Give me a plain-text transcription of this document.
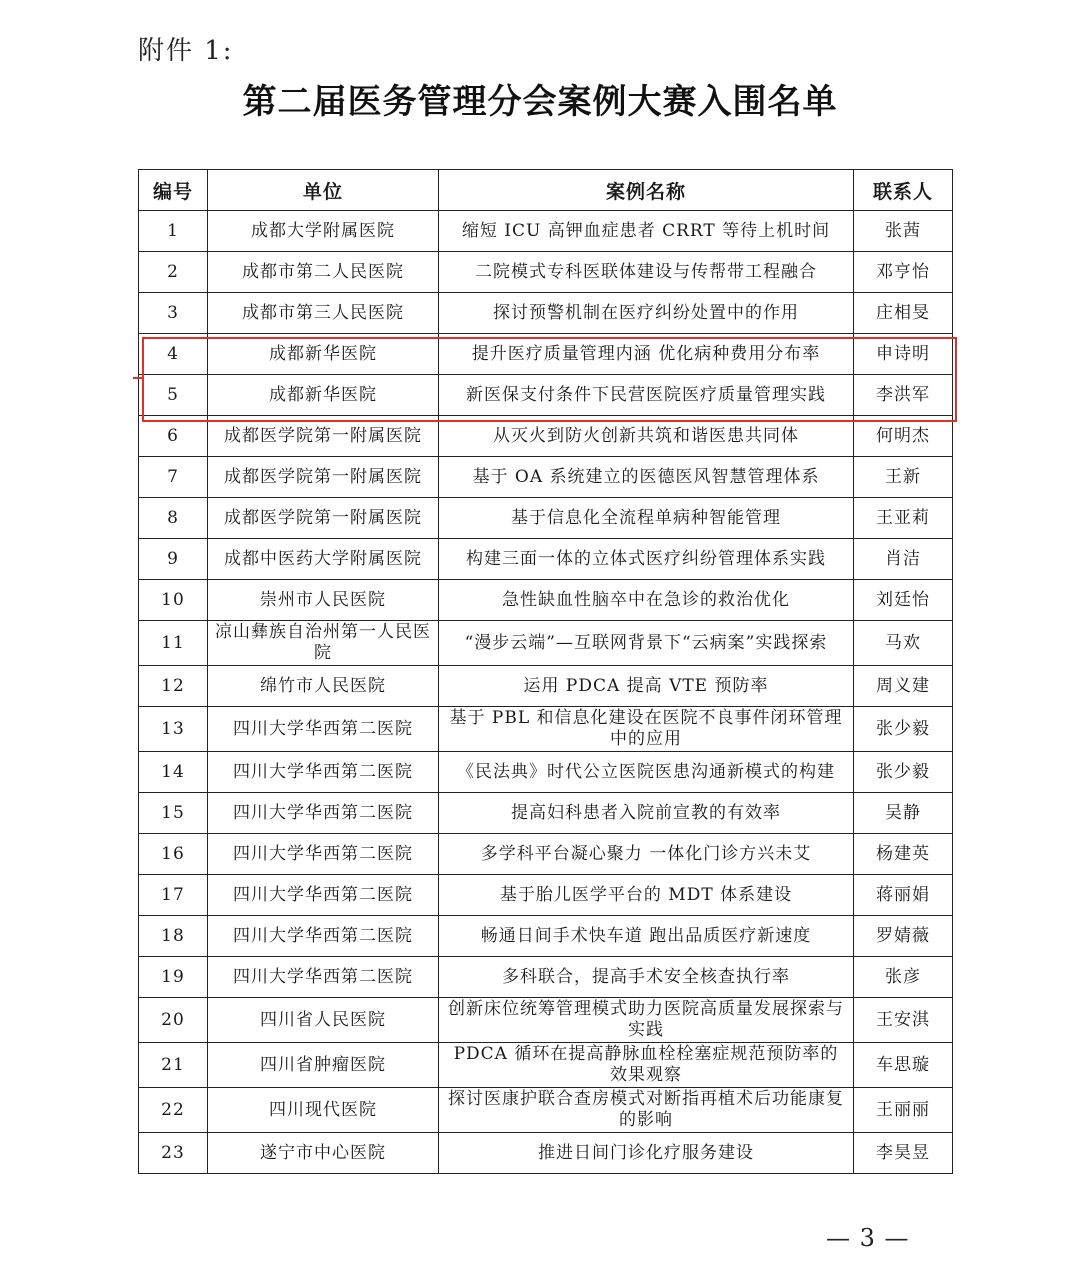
附件 1:
第二届医务管理分会案例大赛入围名单
编号	单位	案例名称	联系人
1	成都大学附属医院	缩短 ICU 高钾血症患者 CRRT 等待上机时间	张茜
2	成都市第二人民医院	二院模式专科医联体建设与传帮带工程融合	邓亨怡
3	成都市第三人民医院	探讨预警机制在医疗纠纷处置中的作用	庄相旻
4	成都新华医院	提升医疗质量管理内涵 优化病种费用分布率	申诗明
5	成都新华医院	新医保支付条件下民营医院医疗质量管理实践	李洪军
6	成都医学院第一附属医院	从灭火到防火创新共筑和谐医患共同体	何明杰
7	成都医学院第一附属医院	基于 OA 系统建立的医德医风智慧管理体系	王新
8	成都医学院第一附属医院	基于信息化全流程单病种智能管理	王亚莉
9	成都中医药大学附属医院	构建三面一体的立体式医疗纠纷管理体系实践	肖洁
10	崇州市人民医院	急性缺血性脑卒中在急诊的救治优化	刘廷怡
11	凉山彝族自治州第一人民医院	“漫步云端”—互联网背景下“云病案”实践探索	马欢
12	绵竹市人民医院	运用 PDCA 提高 VTE 预防率	周义建
13	四川大学华西第二医院	基于 PBL 和信息化建设在医院不良事件闭环管理中的应用	张少毅
14	四川大学华西第二医院	《民法典》时代公立医院医患沟通新模式的构建	张少毅
15	四川大学华西第二医院	提高妇科患者入院前宣教的有效率	吴静
16	四川大学华西第二医院	多学科平台凝心聚力 一体化门诊方兴未艾	杨建英
17	四川大学华西第二医院	基于胎儿医学平台的 MDT 体系建设	蒋丽娟
18	四川大学华西第二医院	畅通日间手术快车道 跑出品质医疗新速度	罗婧薇
19	四川大学华西第二医院	多科联合，提高手术安全核查执行率	张彦
20	四川省人民医院	创新床位统筹管理模式助力医院高质量发展探索与实践	王安淇
21	四川省肿瘤医院	PDCA 循环在提高静脉血栓栓塞症规范预防率的效果观察	车思璇
22	四川现代医院	探讨医康护联合查房模式对断指再植术后功能康复的影响	王丽丽
23	遂宁市中心医院	推进日间门诊化疗服务建设	李昊昱
— 3 —
